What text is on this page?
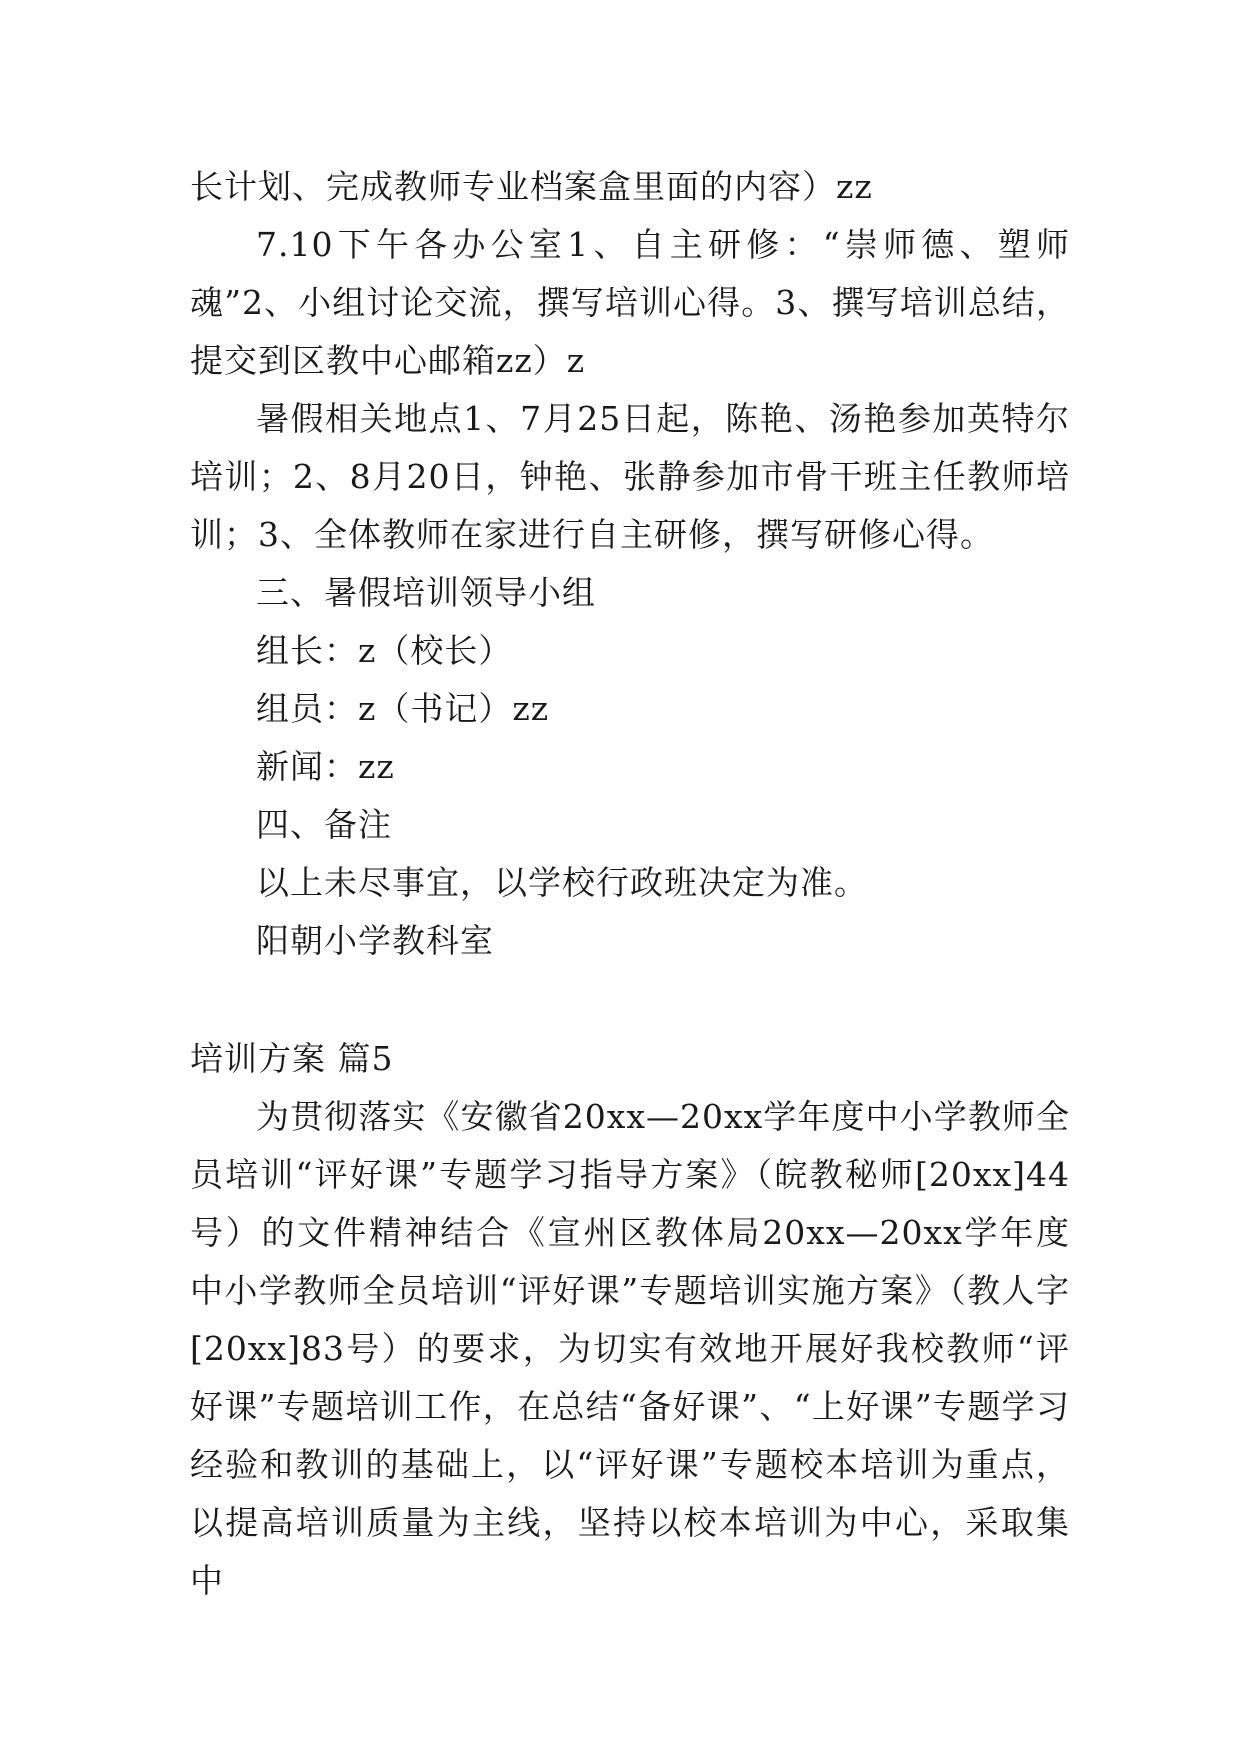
长计划、完成教师专业档案盒里面的内容）zz

7.10下午各办公室1、自主研修：“崇师德、塑师魂”2、小组讨论交流，撰写培训心得。3、撰写培训总结，提交到区教中心邮箱zz）z

暑假相关地点1、7月25日起，陈艳、汤艳参加英特尔培训；2、8月20日，钟艳、张静参加市骨干班主任教师培训；3、全体教师在家进行自主研修，撰写研修心得。

三、暑假培训领导小组

组长：z（校长）

组员：z（书记）zz

新闻：zz

四、备注

以上未尽事宜，以学校行政班决定为准。

阳朝小学教科室

培训方案 篇5

为贯彻落实《安徽省20xx—20xx学年度中小学教师全员培训“评好课”专题学习指导方案》（皖教秘师[20xx]44号）的文件精神结合《宣州区教体局20xx—20xx学年度中小学教师全员培训“评好课”专题培训实施方案》（教人字[20xx]83号）的要求，为切实有效地开展好我校教师“评好课”专题培训工作，在总结“备好课”、“上好课”专题学习经验和教训的基础上，以“评好课”专题校本培训为重点，以提高培训质量为主线，坚持以校本培训为中心，采取集中
